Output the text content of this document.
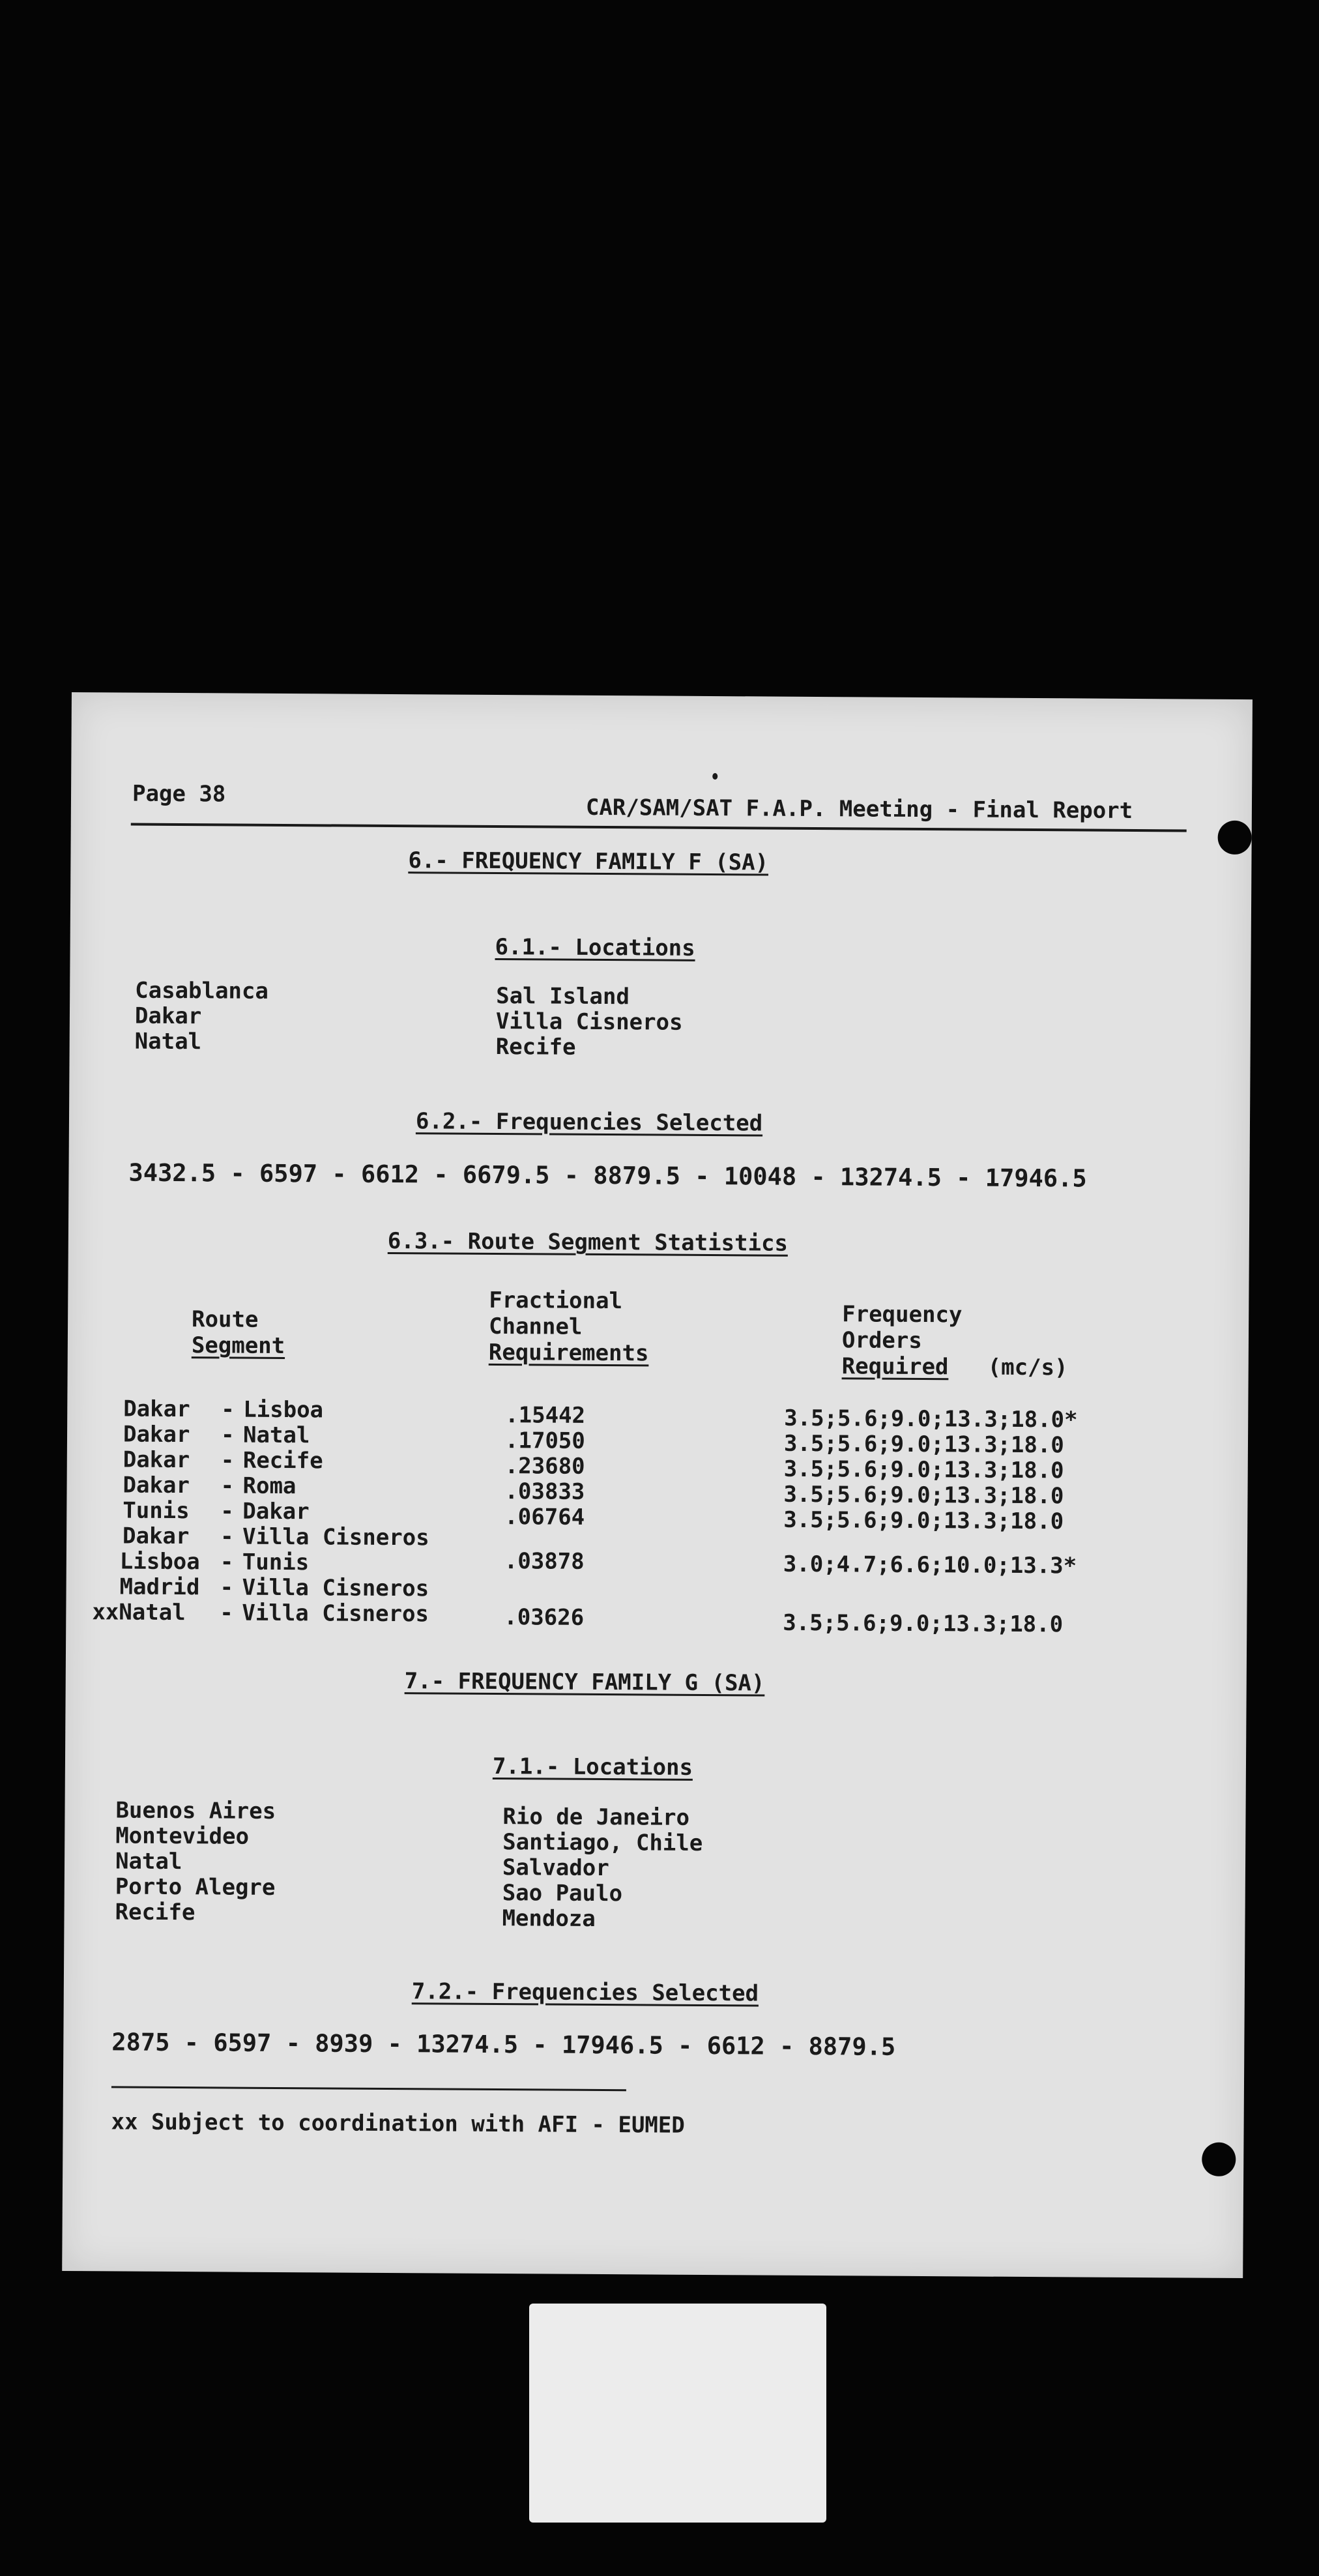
Page 38
CAR/SAM/SAT F.A.P. Meeting - Final Report
6.- FREQUENCY FAMILY F (SA)
6.1.- Locations
Casablanca
Dakar
Natal
Sal Island
Villa Cisneros
Recife
6.2.- Frequencies Selected
3432.5 - 6597 - 6612 - 6679.5 - 8879.5 - 10048 - 13274.5 - 17946.5
6.3.- Route Segment Statistics
Route
Segment
Fractional
Channel
Requirements
Frequency
Orders
Required (mc/s)
Dakar - Lisboa	.15442	3.5;5.6;9.0;13.3;18.0*
Dakar - Natal	.17050	3.5;5.6;9.0;13.3;18.0
Dakar - Recife	.23680	3.5;5.6;9.0;13.3;18.0
Dakar - Roma	.03833	3.5;5.6;9.0;13.3;18.0
Tunis - Dakar	.06764	3.5;5.6;9.0;13.3;18.0
Dakar - Villa Cisneros
Lisboa - Tunis	.03878	3.0;4.7;6.6;10.0;13.3*
Madrid - Villa Cisneros
xxNatal - Villa Cisneros	.03626	3.5;5.6;9.0;13.3;18.0
7.- FREQUENCY FAMILY G (SA)
7.1.- Locations
Buenos Aires
Montevideo
Natal
Porto Alegre
Recife
Rio de Janeiro
Santiago, Chile
Salvador
Sao Paulo
Mendoza
7.2.- Frequencies Selected
2875 - 6597 - 8939 - 13274.5 - 17946.5 - 6612 - 8879.5
xx Subject to coordination with AFI - EUMED
